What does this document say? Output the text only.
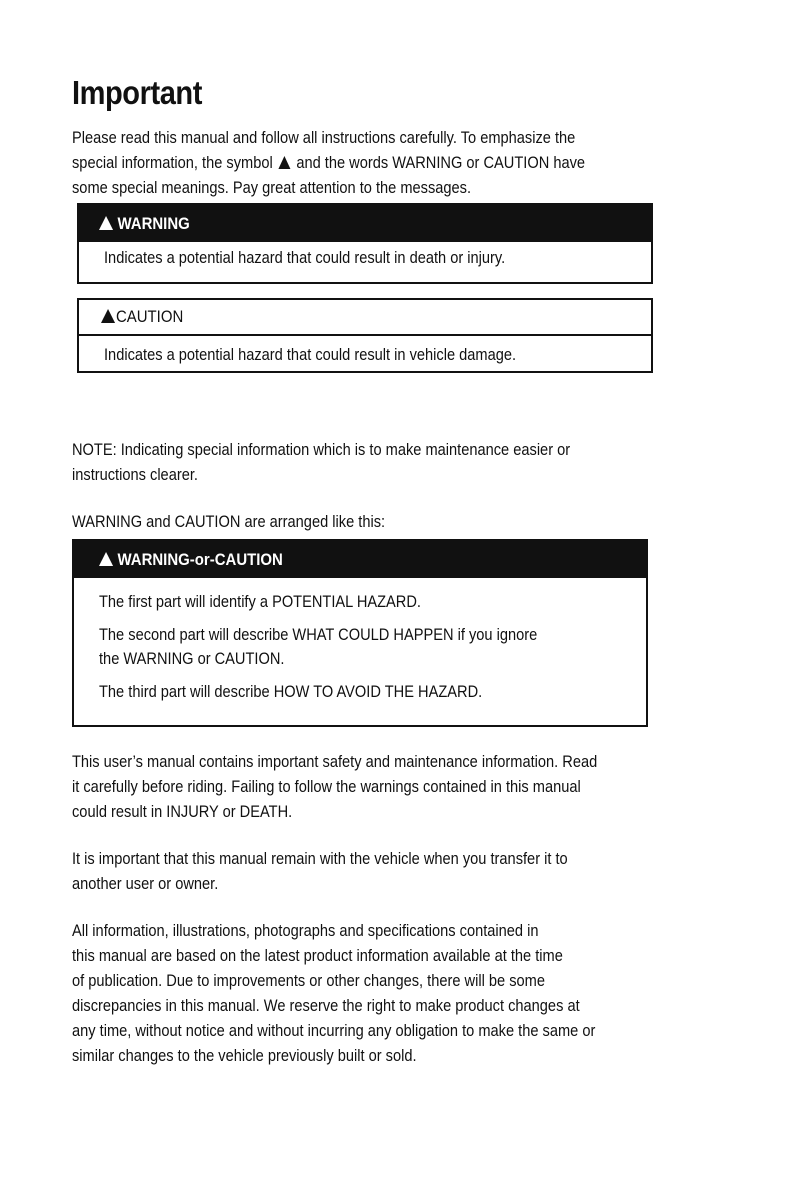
Important
Please read this manual and follow all instructions carefully. To emphasize the
special information, the symbol and the words WARNING or CAUTION have
some special meanings. Pay great attention to the messages.
WARNING
Indicates a potential hazard that could result in death or injury.
CAUTION
Indicates a potential hazard that could result in vehicle damage.
NOTE: Indicating special information which is to make maintenance easier or
instructions clearer.
WARNING and CAUTION are arranged like this:
WARNING-or-CAUTION
The first part will identify a POTENTIAL HAZARD.
The second part will describe WHAT COULD HAPPEN if you ignore
the WARNING or CAUTION.
The third part will describe HOW TO AVOID THE HAZARD.
This user’s manual contains important safety and maintenance information. Read
it carefully before riding. Failing to follow the warnings contained in this manual
could result in INJURY or DEATH.
It is important that this manual remain with the vehicle when you transfer it to
another user or owner.
All information, illustrations, photographs and specifications contained in
this manual are based on the latest product information available at the time
of publication. Due to improvements or other changes, there will be some
discrepancies in this manual. We reserve the right to make product changes at
any time, without notice and without incurring any obligation to make the same or
similar changes to the vehicle previously built or sold.
